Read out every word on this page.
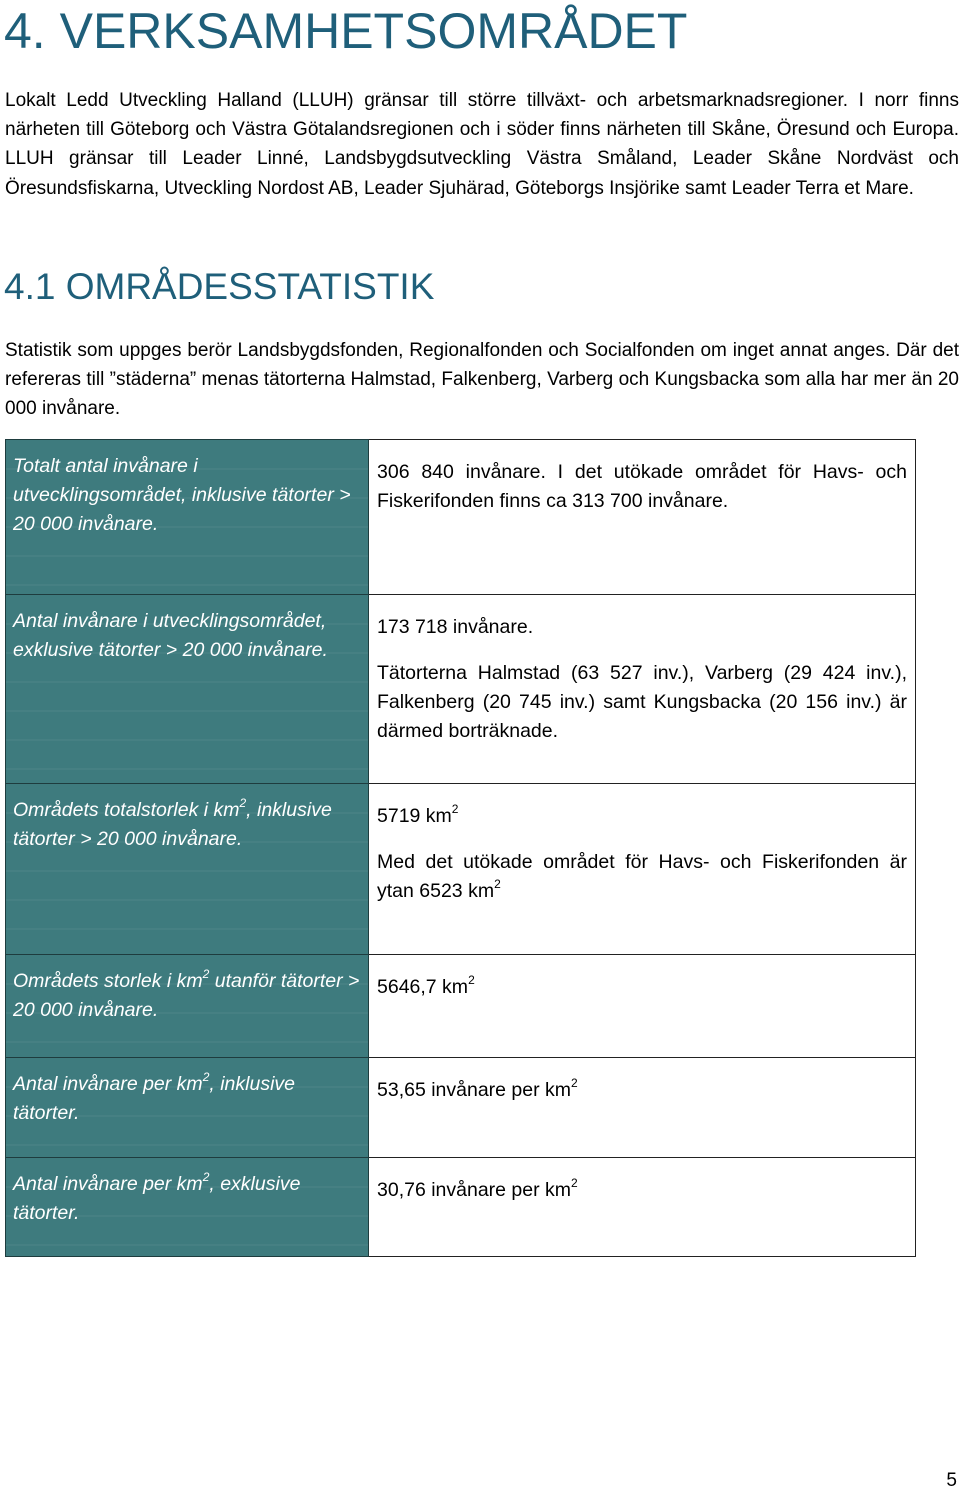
4. VERKSAMHETSOMRÅDET
Lokalt Ledd Utveckling Halland (LLUH) gränsar till större tillväxt- och arbetsmarknadsregioner. I norr finns närheten till Göteborg och Västra Götalandsregionen och i söder finns närheten till Skåne, Öresund och Europa. LLUH gränsar till Leader Linné, Landsbygdsutveckling Västra Småland, Leader Skåne Nordväst och Öresundsfiskarna, Utveckling Nordost AB, Leader Sjuhärad, Göteborgs Insjörike samt Leader Terra et Mare.
4.1 OMRÅDESSTATISTIK
Statistik som uppges berör Landsbygdsfonden, Regionalfonden och Socialfonden om inget annat anges. Där det refereras till ”städerna” menas tätorterna Halmstad, Falkenberg, Varberg och Kungsbacka som alla har mer än 20 000 invånare.
Totalt antal invånare i utvecklingsområdet, inklusive tätorter > 20 000 invånare.	306 840 invånare. I det utökade området för Havs- och Fiskerifonden finns ca 313 700 invånare.

Antal invånare i utvecklingsområdet, exklusive tätorter > 20 000 invånare.	173 718 invånare.

Tätorterna Halmstad (63 527 inv.), Varberg (29 424 inv.), Falkenberg (20 745 inv.) samt Kungsbacka (20 156 inv.) är därmed borträknade.

Områdets totalstorlek i $km^2$, inklusive tätorter > 20 000 invånare.	5719 $km^2$

Med det utökade området för Havs- och Fiskerifonden är ytan 6523 $km^2$

Områdets storlek i $km^2$ utanför tätorter > 20 000 invånare.	5646,7 $km^2$

Antal invånare per $km^2$, inklusive tätorter.	53,65 invånare per $km^2$

Antal invånare per $km^2$, exklusive tätorter.	30,76 invånare per $km^2$

5
